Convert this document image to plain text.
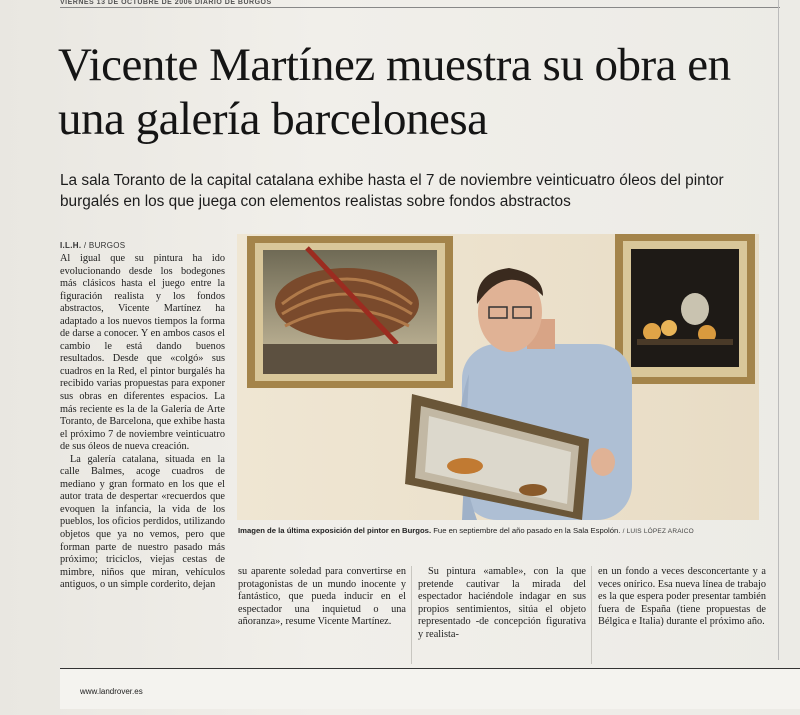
VIERNES 13 DE OCTUBRE DE 2006 DIARIO DE BURGOS
Vicente Martínez muestra su obra en una galería barcelonesa

La sala Toranto de la capital catalana exhibe hasta el 7 de noviembre veinticuatro óleos del pintor burgalés en los que juega con elementos realistas sobre fondos abstractos

I.L.H. / BURGOS

Al igual que su pintura ha ido evolucionando desde los bodegones más clásicos hasta el juego entre la figuración realista y los fondos abstractos, Vicente Martínez ha adaptado a los nuevos tiempos la forma de darse a conocer. Y en ambos casos el cambio le está dando buenos resultados. Desde que «colgó» sus cuadros en la Red, el pintor burgalés ha recibido varias propuestas para exponer sus obras en diferentes espacios. La más reciente es la de la Galería de Arte Toranto, de Barcelona, que exhibe hasta el próximo 7 de noviembre veinticuatro de sus óleos de nueva creación.

La galería catalana, situada en la calle Balmes, acoge cuadros de mediano y gran formato en los que el autor trata de despertar «recuerdos que evoquen la infancia, la vida de los pueblos, los oficios perdidos, utilizando objetos que ya no vemos, pero que forman parte de nuestro pasado más próximo; triciclos, viejas cestas de mimbre, niños que miran, vehículos antiguos, o un simple corderito, dejan

Imagen de la última exposición del pintor en Burgos. Fue en septiembre del año pasado en la Sala Espolón. / LUIS LÓPEZ ARAICO

su aparente soledad para convertirse en protagonistas de un mundo inocente y fantástico, que pueda inducir en el espectador una inquietud o una añoranza», resume Vicente Martínez.

Su pintura «amable», con la que pretende cautivar la mirada del espectador haciéndole indagar en sus propios sentimientos, sitúa el objeto representado -de concepción figurativa y realista-

en un fondo a veces desconcertante y a veces onírico. Esa nueva línea de trabajo es la que espera poder presentar también fuera de España (tiene propuestas de Bélgica e Italia) durante el próximo año.

www.landrover.es
